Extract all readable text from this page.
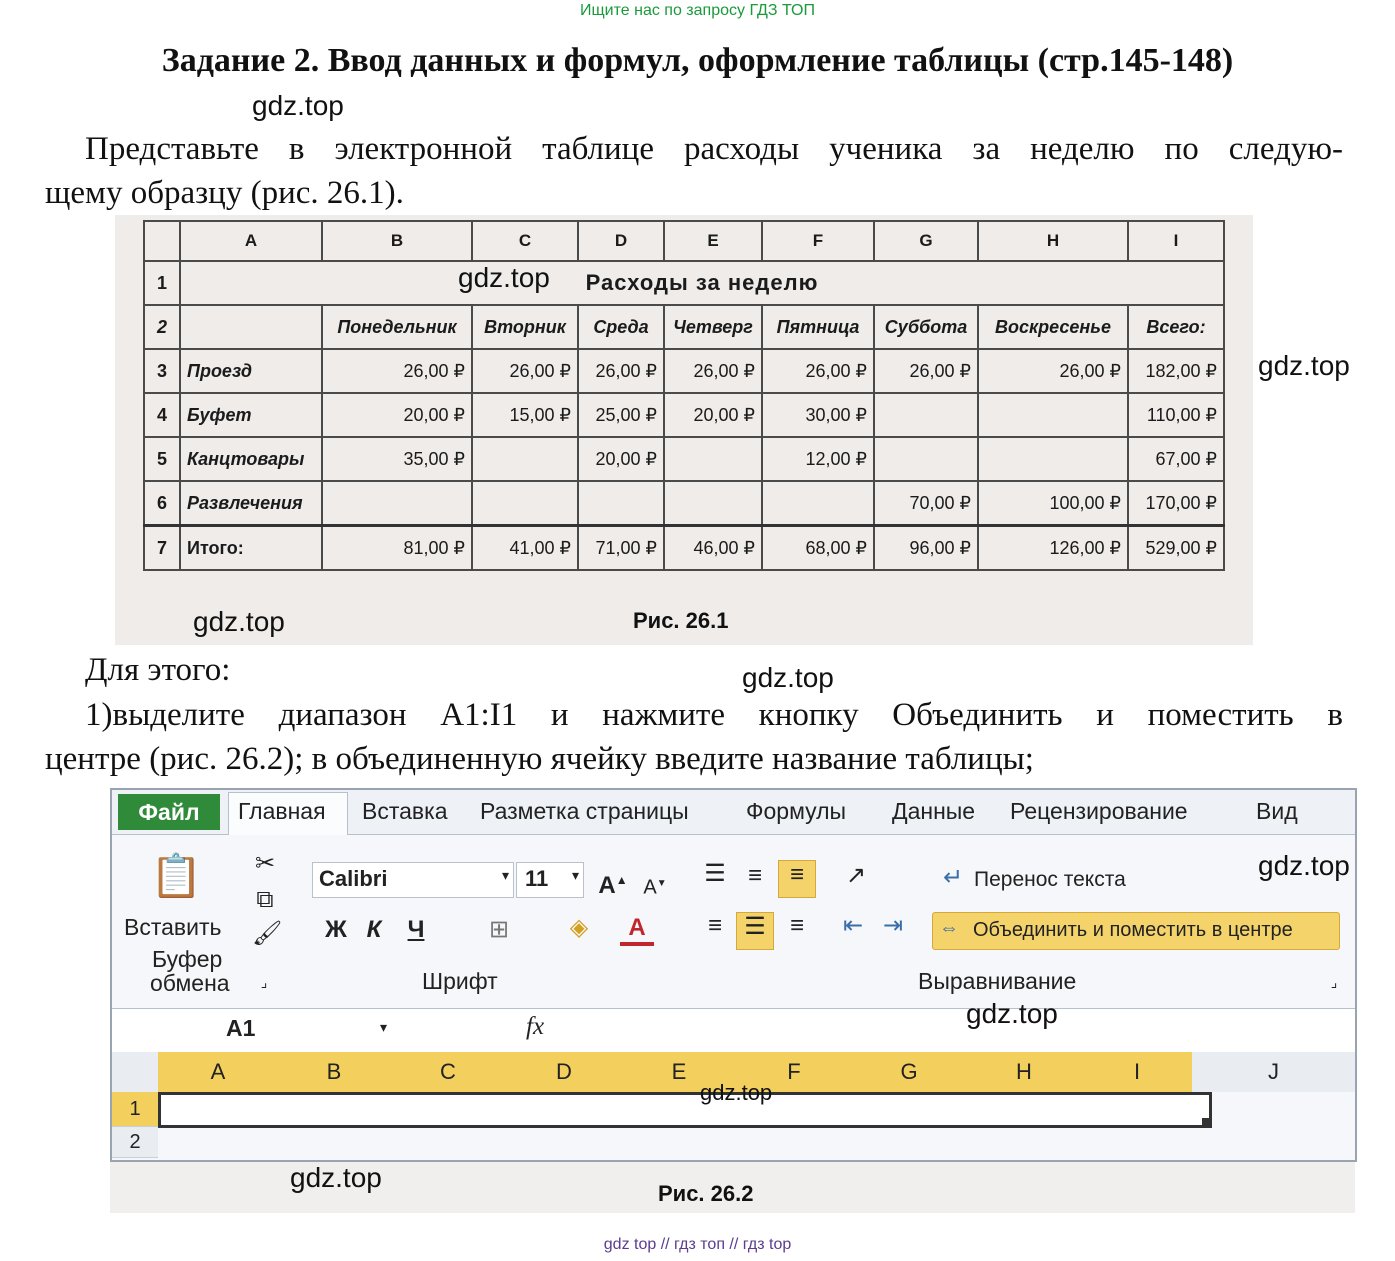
Ищите нас по запросу ГДЗ ТОП
Задание 2. Ввод данных и формул, оформление таблицы (стр.145-148)
gdz.top
Представьте в электронной таблице расходы ученика за неделю по следую-
щему образцу (рис. 26.1).
	A	B	C	D	E	F	G	H	I
1	Расходы за неделю								
2		Понедельник	Вторник	Среда	Четверг	Пятница	Суббота	Воскресенье	Всего:
3	Проезд	26,00 ₽	26,00 ₽	26,00 ₽	26,00 ₽	26,00 ₽	26,00 ₽	26,00 ₽	182,00 ₽
4	Буфет	20,00 ₽	15,00 ₽	25,00 ₽	20,00 ₽	30,00 ₽			110,00 ₽
5	Канцтовары	35,00 ₽		20,00 ₽		12,00 ₽			67,00 ₽
6	Развлечения						70,00 ₽	100,00 ₽	170,00 ₽
7	Итого:	81,00 ₽	41,00 ₽	71,00 ₽	46,00 ₽	68,00 ₽	96,00 ₽	126,00 ₽	529,00 ₽
Рис. 26.1
gdz.top
gdz.top
gdz.top
Для этого:	gdz.top
1)выделите диапазон A1:I1 и нажмите кнопку Объединить и поместить в
центре (рис. 26.2); в объединенную ячейку введите название таблицы;
Файл	Главная Вставка Разметка страницы Формулы Данные Рецензирование	Вид
📋
Вставить
✂
⧉
🖌
Буфер
обмена
Calibri	▾ 11 ▾ A▲ A▼
Ж К Ч	⊞	◈	A
Шрифт
⌟
☰ ≡	≡	↗
≡ ☰	≡	⇤ ⇥
↵ Перенос текста
⇔ Объединить и поместить в центре
Выравнивание	⌟
A1	▾	fx
A	B	C	D	E	F	G	H	I	J
1
2
Рис. 26.2
gdz.top
gdz.top
gdz.top
gdz.top
gdz top // гдз топ // гдз top
